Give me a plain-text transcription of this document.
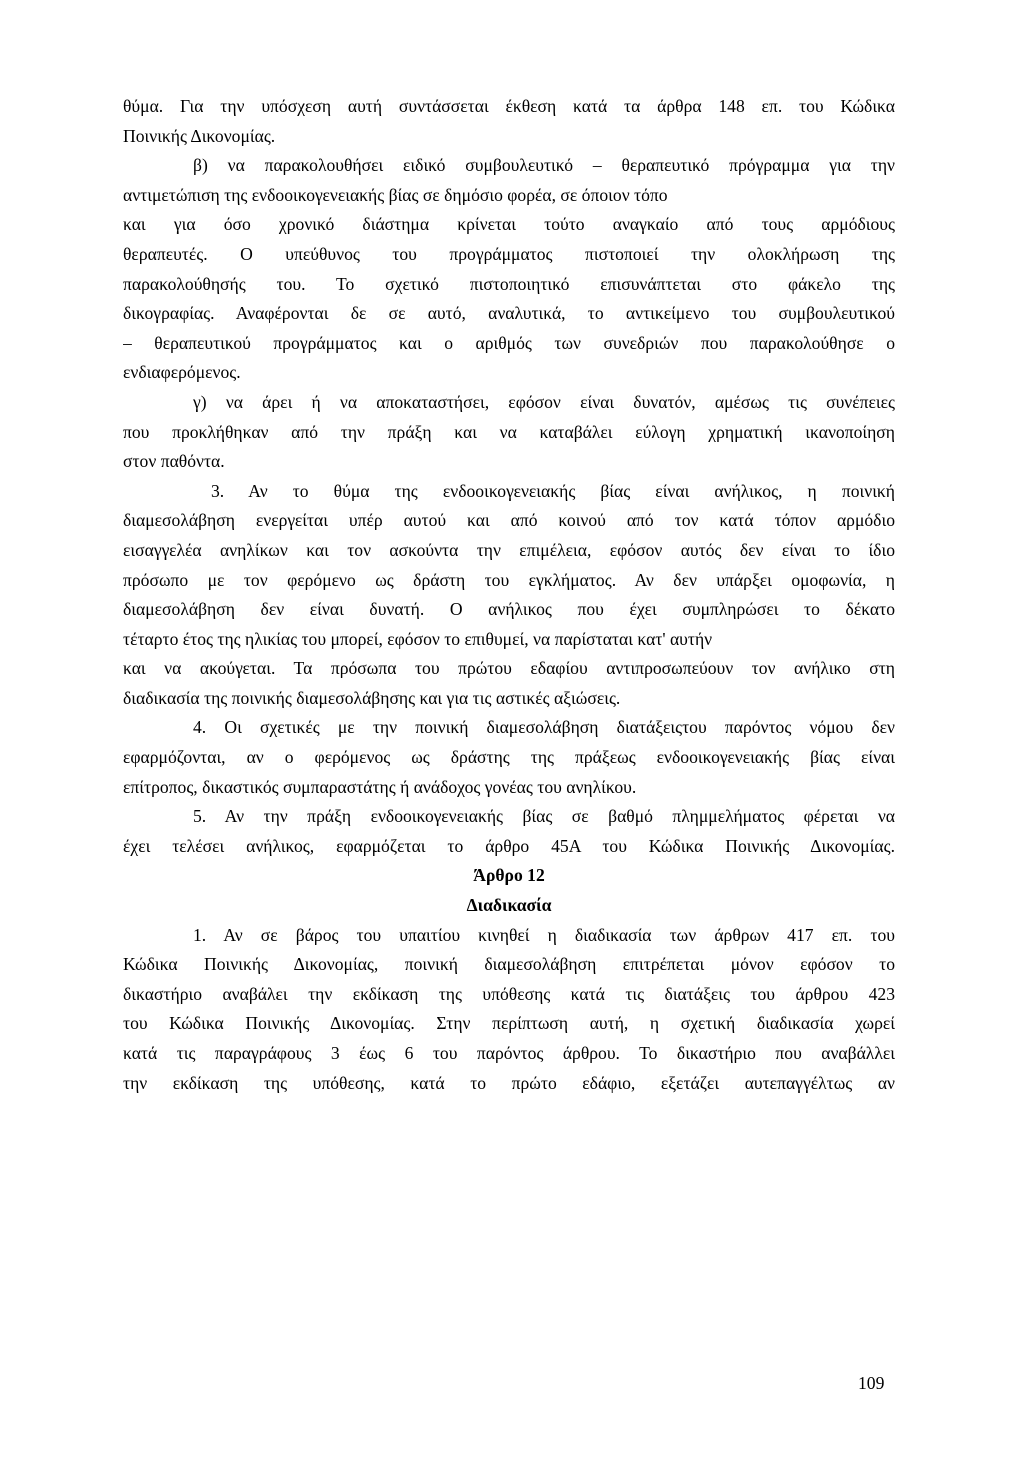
θύμα. Για την υπόσχεση αυτή συντάσσεται έκθεση κατά τα άρθρα 148 επ. του Κώδικα
Ποινικής Δικονομίας.
β) να παρακολουθήσει ειδικό συμβουλευτικό – θεραπευτικό πρόγραμμα για την
αντιμετώπιση της ενδοοικογενειακής βίας σε δημόσιο φορέα, σε όποιον τόπο
και για όσο χρονικό διάστημα κρίνεται τούτο αναγκαίο από τους αρμόδιους
θεραπευτές. Ο υπεύθυνος του προγράμματος πιστοποιεί την ολοκλήρωση της
παρακολούθησής του. Το σχετικό πιστοποιητικό επισυνάπτεται στο φάκελο της
δικογραφίας. Αναφέρονται δε σε αυτό, αναλυτικά, το αντικείμενο του συμβουλευτικού
– θεραπευτικού προγράμματος και ο αριθμός των συνεδριών που παρακολούθησε ο
ενδιαφερόμενος.
γ) να άρει ή να αποκαταστήσει, εφόσον είναι δυνατόν, αμέσως τις συνέπειες
που προκλήθηκαν από την πράξη και να καταβάλει εύλογη χρηματική ικανοποίηση
στον παθόντα.
3. Αν το θύμα της ενδοοικογενειακής βίας είναι ανήλικος, η ποινική
διαμεσολάβηση ενεργείται υπέρ αυτού και από κοινού από τον κατά τόπον αρμόδιο
εισαγγελέα ανηλίκων και τον ασκούντα την επιμέλεια, εφόσον αυτός δεν είναι το ίδιο
πρόσωπο με τον φερόμενο ως δράστη του εγκλήματος. Αν δεν υπάρξει ομοφωνία, η
διαμεσολάβηση δεν είναι δυνατή. Ο ανήλικος που έχει συμπληρώσει το δέκατο
τέταρτο έτος της ηλικίας του μπορεί, εφόσον το επιθυμεί, να παρίσταται κατ' αυτήν
και να ακούγεται. Τα πρόσωπα του πρώτου εδαφίου αντιπροσωπεύουν τον ανήλικο στη
διαδικασία της ποινικής διαμεσολάβησης και για τις αστικές αξιώσεις.
4. Οι σχετικές με την ποινική διαμεσολάβηση διατάξειςτου παρόντος νόμου δεν
εφαρμόζονται, αν ο φερόμενος ως δράστης της πράξεως ενδοοικογενειακής βίας είναι
επίτροπος, δικαστικός συμπαραστάτης ή ανάδοχος γονέας του ανηλίκου.
5. Αν την πράξη ενδοοικογενειακής βίας σε βαθμό πλημμελήματος φέρεται να
έχει τελέσει ανήλικος, εφαρμόζεται το άρθρο 45Α του Κώδικα Ποινικής Δικονομίας.
Άρθρο 12
Διαδικασία
1. Αν σε βάρος του υπαιτίου κινηθεί η διαδικασία των άρθρων 417 επ. του
Κώδικα Ποινικής Δικονομίας, ποινική διαμεσολάβηση επιτρέπεται μόνον εφόσον το
δικαστήριο αναβάλει την εκδίκαση της υπόθεσης κατά τις διατάξεις του άρθρου 423
του Κώδικα Ποινικής Δικονομίας. Στην περίπτωση αυτή, η σχετική διαδικασία χωρεί
κατά τις παραγράφους 3 έως 6 του παρόντος άρθρου. Το δικαστήριο που αναβάλλει
την εκδίκαση της υπόθεσης, κατά το πρώτο εδάφιο, εξετάζει αυτεπαγγέλτως αν
109
